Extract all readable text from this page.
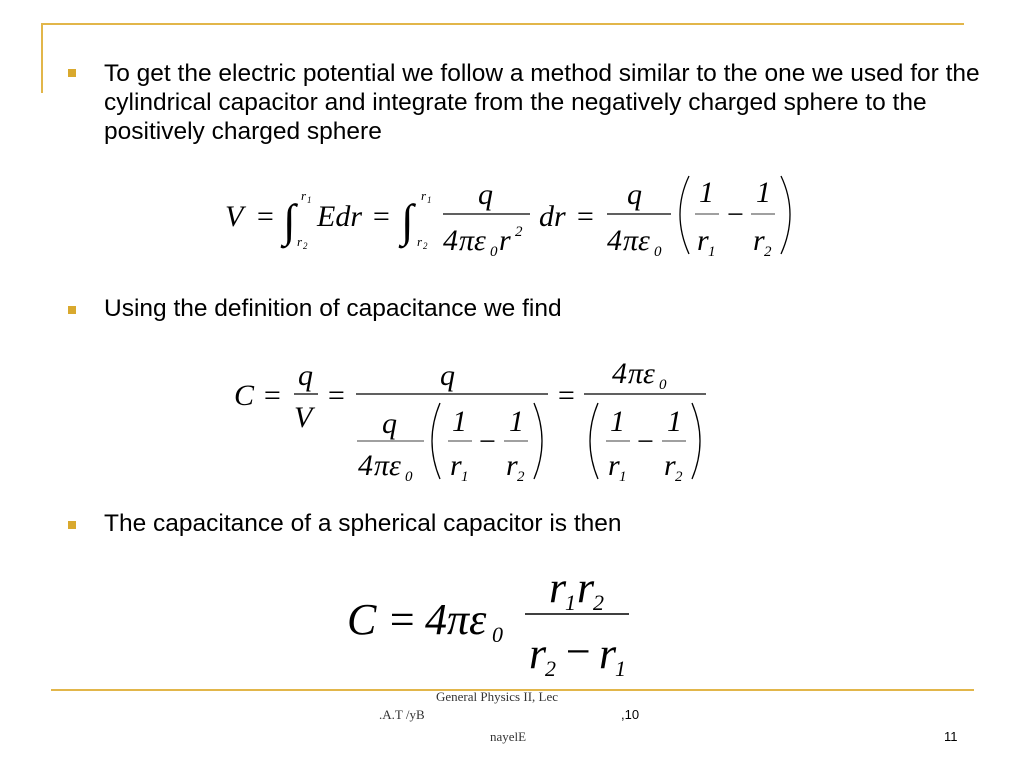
To get the electric potential we follow a method similar to the one we used for the cylindrical capacitor and integrate from the negatively charged sphere to the positively charged sphere
V = ∫ r 1
r 2
Edr = ∫ r 1
r 2
q
4 πε 0 r 2 dr =
q
4 πε 0
1
r 1
−
1
r 2
Using the definition of capacitance we find
C =
q
V
=
q
q
4 πε 0
1
r 1
−
1
r 2
=
4 πε 0
1
r 1
−
1
r 2
The capacitance of a spherical capacitor is then
C = 4 πε 0
r
1 r
2
r
2 − r
1
General Physics II, Lec
.A.T /yB	,10
nayelE	11
